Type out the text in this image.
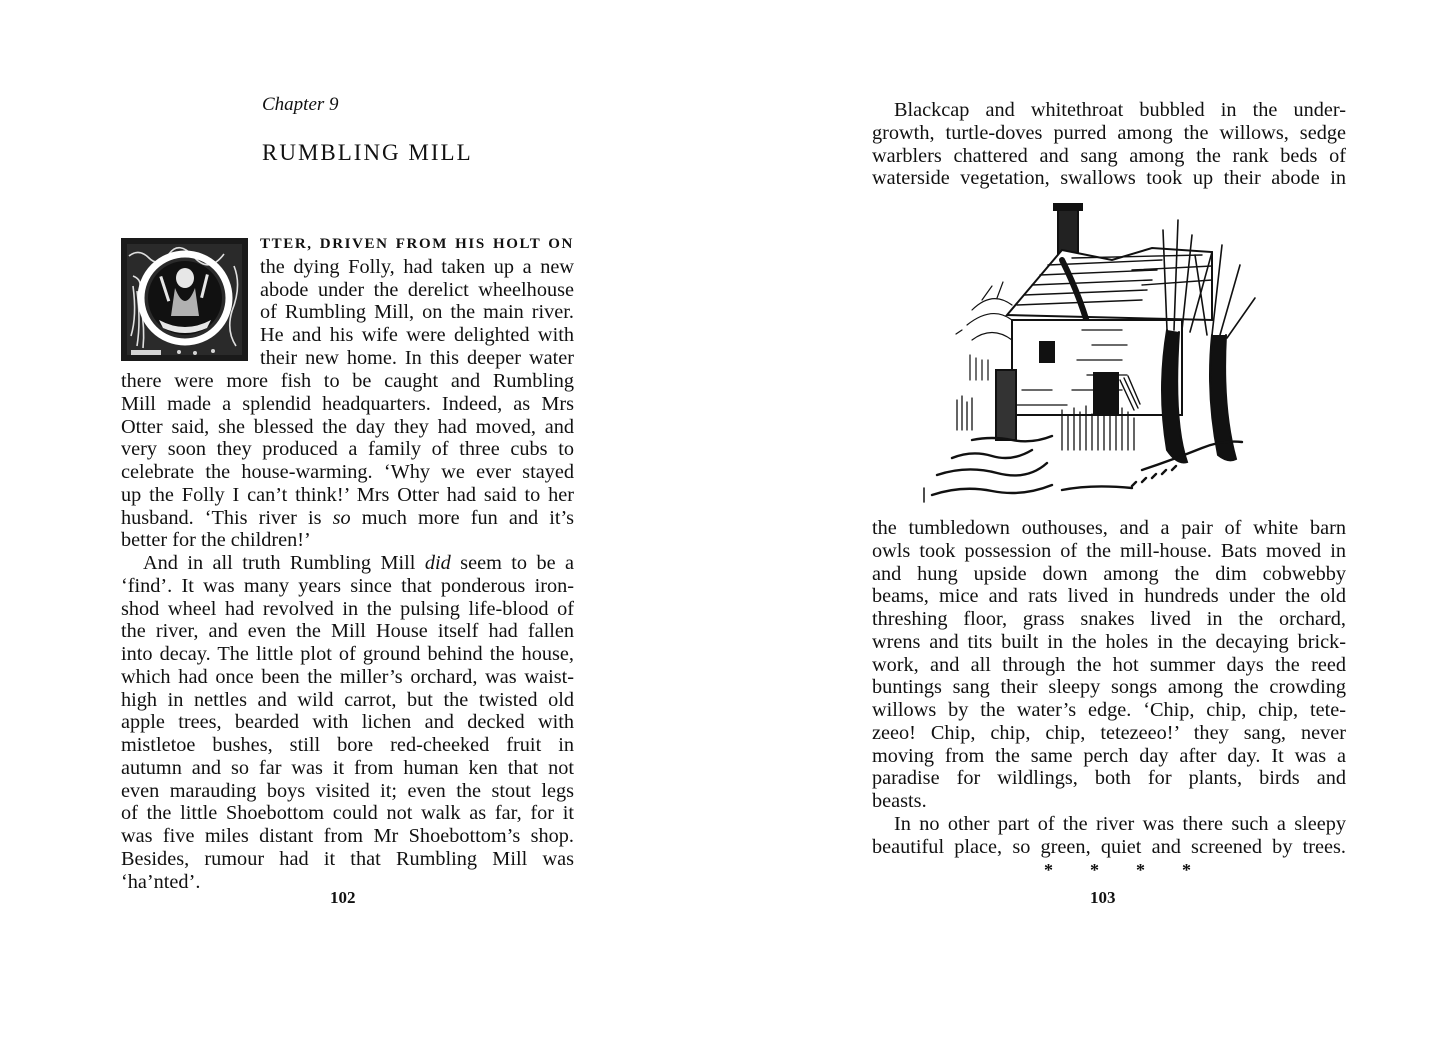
Chapter 9
RUMBLING MILL
TTER, DRIVEN FROM HIS HOLT ON
the dying Folly, had taken up a new
abode under the derelict wheelhouse
of Rumbling Mill, on the main river.
He and his wife were delighted with
their new home. In this deeper water
there were more fish to be caught and Rumbling
Mill made a splendid headquarters. Indeed, as Mrs
Otter said, she blessed the day they had moved, and
very soon they produced a family of three cubs to
celebrate the house-warming. ‘Why we ever stayed
up the Folly I can’t think!’ Mrs Otter had said to her
husband. ‘This river is so much more fun and it’s
better for the children!’
And in all truth Rumbling Mill did seem to be a
‘find’. It was many years since that ponderous iron-
shod wheel had revolved in the pulsing life-blood of
the river, and even the Mill House itself had fallen
into decay. The little plot of ground behind the house,
which had once been the miller’s orchard, was waist-
high in nettles and wild carrot, but the twisted old
apple trees, bearded with lichen and decked with
mistletoe bushes, still bore red-cheeked fruit in
autumn and so far was it from human ken that not
even marauding boys visited it; even the stout legs
of the little Shoebottom could not walk as far, for it
was five miles distant from Mr Shoebottom’s shop.
Besides, rumour had it that Rumbling Mill was
‘ha’nted’.
102
Blackcap and whitethroat bubbled in the under-
growth, turtle-doves purred among the willows, sedge
warblers chattered and sang among the rank beds of
waterside vegetation, swallows took up their abode in
the tumbledown outhouses, and a pair of white barn
owls took possession of the mill-house. Bats moved in
and hung upside down among the dim cobwebby
beams, mice and rats lived in hundreds under the old
threshing floor, grass snakes lived in the orchard,
wrens and tits built in the holes in the decaying brick-
work, and all through the hot summer days the reed
buntings sang their sleepy songs among the crowding
willows by the water’s edge. ‘Chip, chip, chip, tete-
zeeo! Chip, chip, chip, tetezeeo!’ they sang, never
moving from the same perch day after day. It was a
paradise for wildlings, both for plants, birds and
beasts.
In no other part of the river was there such a sleepy
beautiful place, so green, quiet and screened by trees.
* * * *
103
